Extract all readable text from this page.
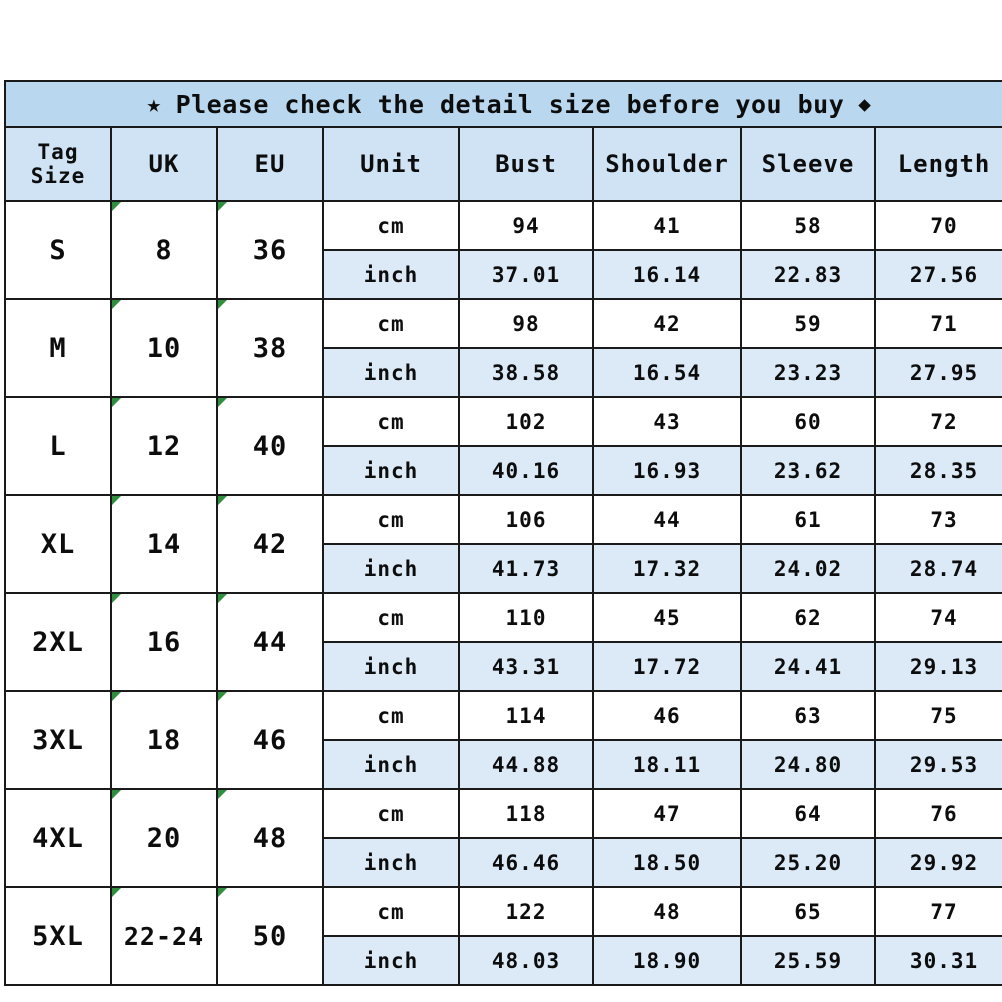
★ Please check the detail size before you buy ◆							

Tag
Size	UK	EU	Unit	Bust	Shoulder	Sleeve	Length
S	8	36	cm	94	41	58	70
			inch	37.01	16.14	22.83	27.56
M	10	38	cm	98	42	59	71
			inch	38.58	16.54	23.23	27.95
L	12	40	cm	102	43	60	72
			inch	40.16	16.93	23.62	28.35
XL	14	42	cm	106	44	61	73
			inch	41.73	17.32	24.02	28.74
2XL	16	44	cm	110	45	62	74
			inch	43.31	17.72	24.41	29.13
3XL	18	46	cm	114	46	63	75
			inch	44.88	18.11	24.80	29.53
4XL	20	48	cm	118	47	64	76
			inch	46.46	18.50	25.20	29.92
5XL	22-24	50	cm	122	48	65	77
			inch	48.03	18.90	25.59	30.31
